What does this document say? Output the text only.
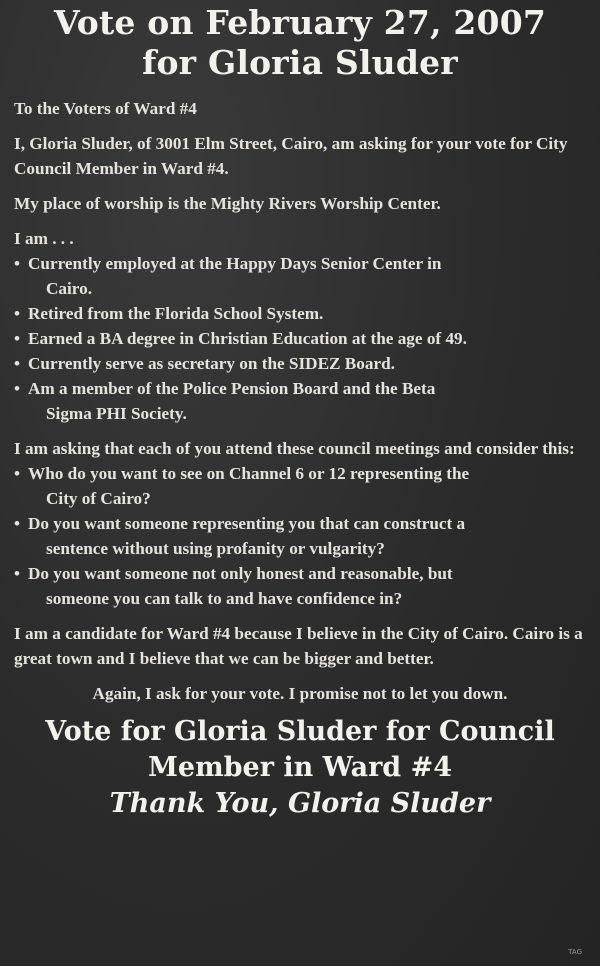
Vote on February 27, 2007
for Gloria Sluder

To the Voters of Ward #4

I, Gloria Sluder, of 3001 Elm Street, Cairo, am asking for your vote for City Council Member in Ward #4.

My place of worship is the Mighty Rivers Worship Center.

I am . . .

• Currently employed at the Happy Days Senior Center in
Cairo.
• Retired from the Florida School System.
• Earned a BA degree in Christian Education at the age of 49.
• Currently serve as secretary on the SIDEZ Board.
• Am a member of the Police Pension Board and the Beta
Sigma PHI Society.

I am asking that each of you attend these council meetings and consider this:

• Who do you want to see on Channel 6 or 12 representing the
City of Cairo?
• Do you want someone representing you that can construct a
sentence without using profanity or vulgarity?
• Do you want someone not only honest and reasonable, but
someone you can talk to and have confidence in?

I am a candidate for Ward #4 because I believe in the City of Cairo. Cairo is a great town and I believe that we can be bigger and better.

Again, I ask for your vote. I promise not to let you down.

Vote for Gloria Sluder for Council

Member in Ward #4

Thank You, Gloria Sluder

TAG
